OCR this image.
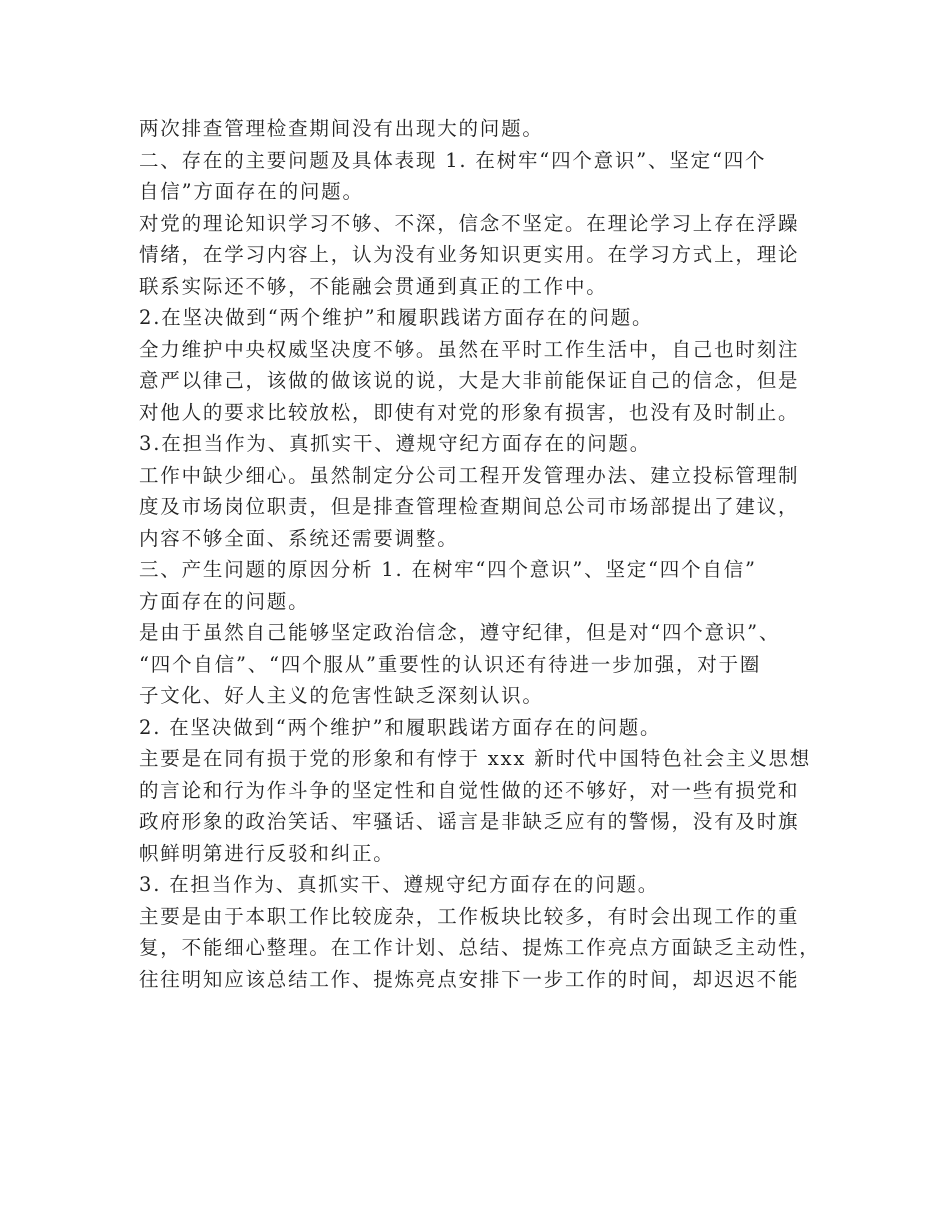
两次排查管理检查期间没有出现大的问题。
二、存在的主要问题及具体表现 1. 在树牢“四个意识”、坚定“四个
自信”方面存在的问题。
对党的理论知识学习不够、不深，信念不坚定。在理论学习上存在浮躁
情绪，在学习内容上，认为没有业务知识更实用。在学习方式上，理论
联系实际还不够，不能融会贯通到真正的工作中。
2.在坚决做到“两个维护”和履职践诺方面存在的问题。
全力维护中央权威坚决度不够。虽然在平时工作生活中，自己也时刻注
意严以律己，该做的做该说的说，大是大非前能保证自己的信念，但是
对他人的要求比较放松，即使有对党的形象有损害，也没有及时制止。
3.在担当作为、真抓实干、遵规守纪方面存在的问题。
工作中缺少细心。虽然制定分公司工程开发管理办法、建立投标管理制
度及市场岗位职责，但是排查管理检查期间总公司市场部提出了建议，
内容不够全面、系统还需要调整。
三、产生问题的原因分析 1. 在树牢“四个意识”、坚定“四个自信”
方面存在的问题。
是由于虽然自己能够坚定政治信念，遵守纪律，但是对“四个意识”、
“四个自信”、“四个服从”重要性的认识还有待进一步加强，对于圈
子文化、好人主义的危害性缺乏深刻认识。
2. 在坚决做到“两个维护”和履职践诺方面存在的问题。
主要是在同有损于党的形象和有悖于 xxx 新时代中国特色社会主义思想
的言论和行为作斗争的坚定性和自觉性做的还不够好，对一些有损党和
政府形象的政治笑话、牢骚话、谣言是非缺乏应有的警惕，没有及时旗
帜鲜明第进行反驳和纠正。
3. 在担当作为、真抓实干、遵规守纪方面存在的问题。
主要是由于本职工作比较庞杂，工作板块比较多，有时会出现工作的重
复，不能细心整理。在工作计划、总结、提炼工作亮点方面缺乏主动性，
往往明知应该总结工作、提炼亮点安排下一步工作的时间，却迟迟不能
